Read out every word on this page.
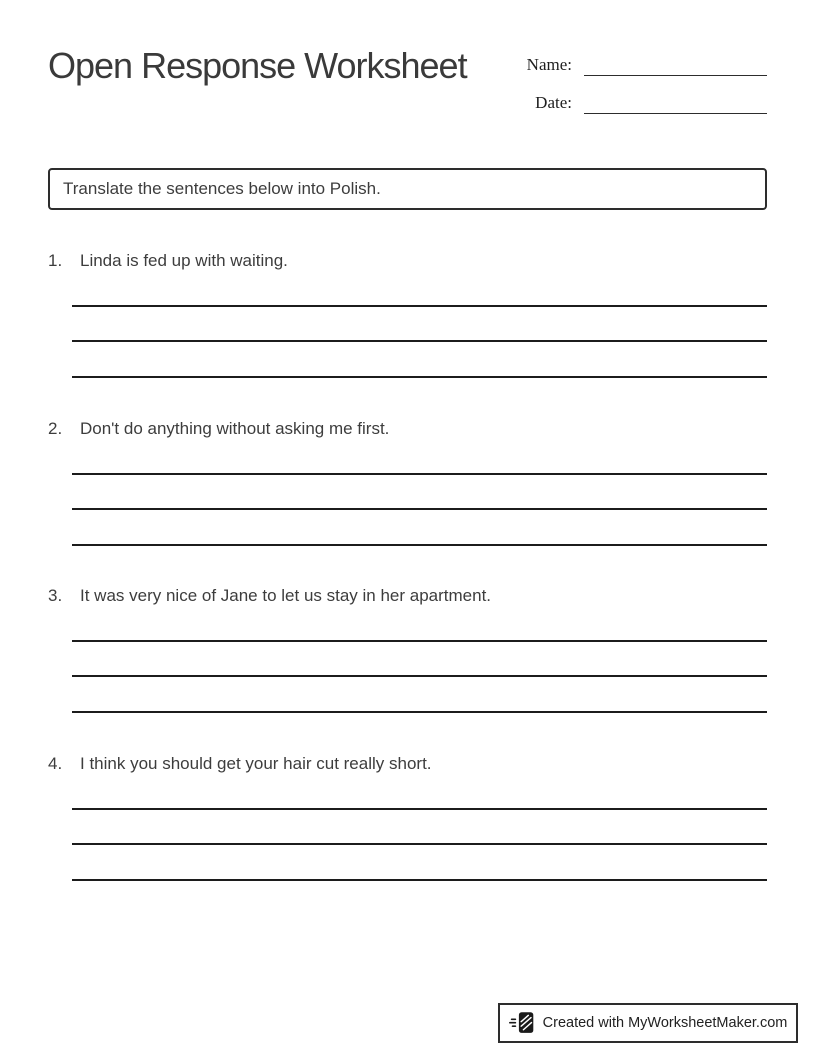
Open Response Worksheet	Name:
Date:
Translate the sentences below into Polish.
1.	Linda is fed up with waiting.
2.	Don't do anything without asking me first.
3.	It was very nice of Jane to let us stay in her apartment.
4.	I think you should get your hair cut really short.
Created with MyWorksheetMaker.com
